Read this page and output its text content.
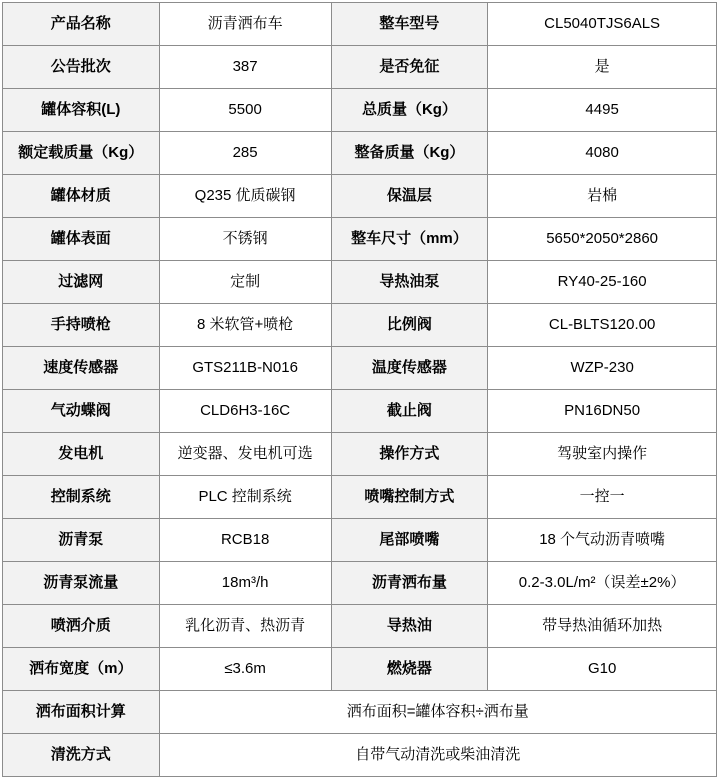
产品名称	沥青洒布车	整车型号	CL5040TJS6ALS
公告批次	387	是否免征	是
罐体容积(L)	5500	总质量（Kg）	4495
额定载质量（Kg）	285	整备质量（Kg）	4080
罐体材质	Q235 优质碳钢	保温层	岩棉
罐体表面	不锈钢	整车尺寸（mm）	5650*2050*2860
过滤网	定制	导热油泵	RY40-25-160
手持喷枪	8 米软管+喷枪	比例阀	CL-BLTS120.00
速度传感器	GTS211B-N016	温度传感器	WZP-230
气动蝶阀	CLD6H3-16C	截止阀	PN16DN50
发电机	逆变器、发电机可选	操作方式	驾驶室内操作
控制系统	PLC 控制系统	喷嘴控制方式	一控一
沥青泵	RCB18	尾部喷嘴	18 个气动沥青喷嘴
沥青泵流量	18m³/h	沥青洒布量	0.2-3.0L/m²（误差±2%）
喷洒介质	乳化沥青、热沥青	导热油	带导热油循环加热
洒布宽度（m）	≤3.6m	燃烧器	G10
洒布面积计算	洒布面积=罐体容积÷洒布量		
清洗方式	自带气动清洗或柴油清洗		
